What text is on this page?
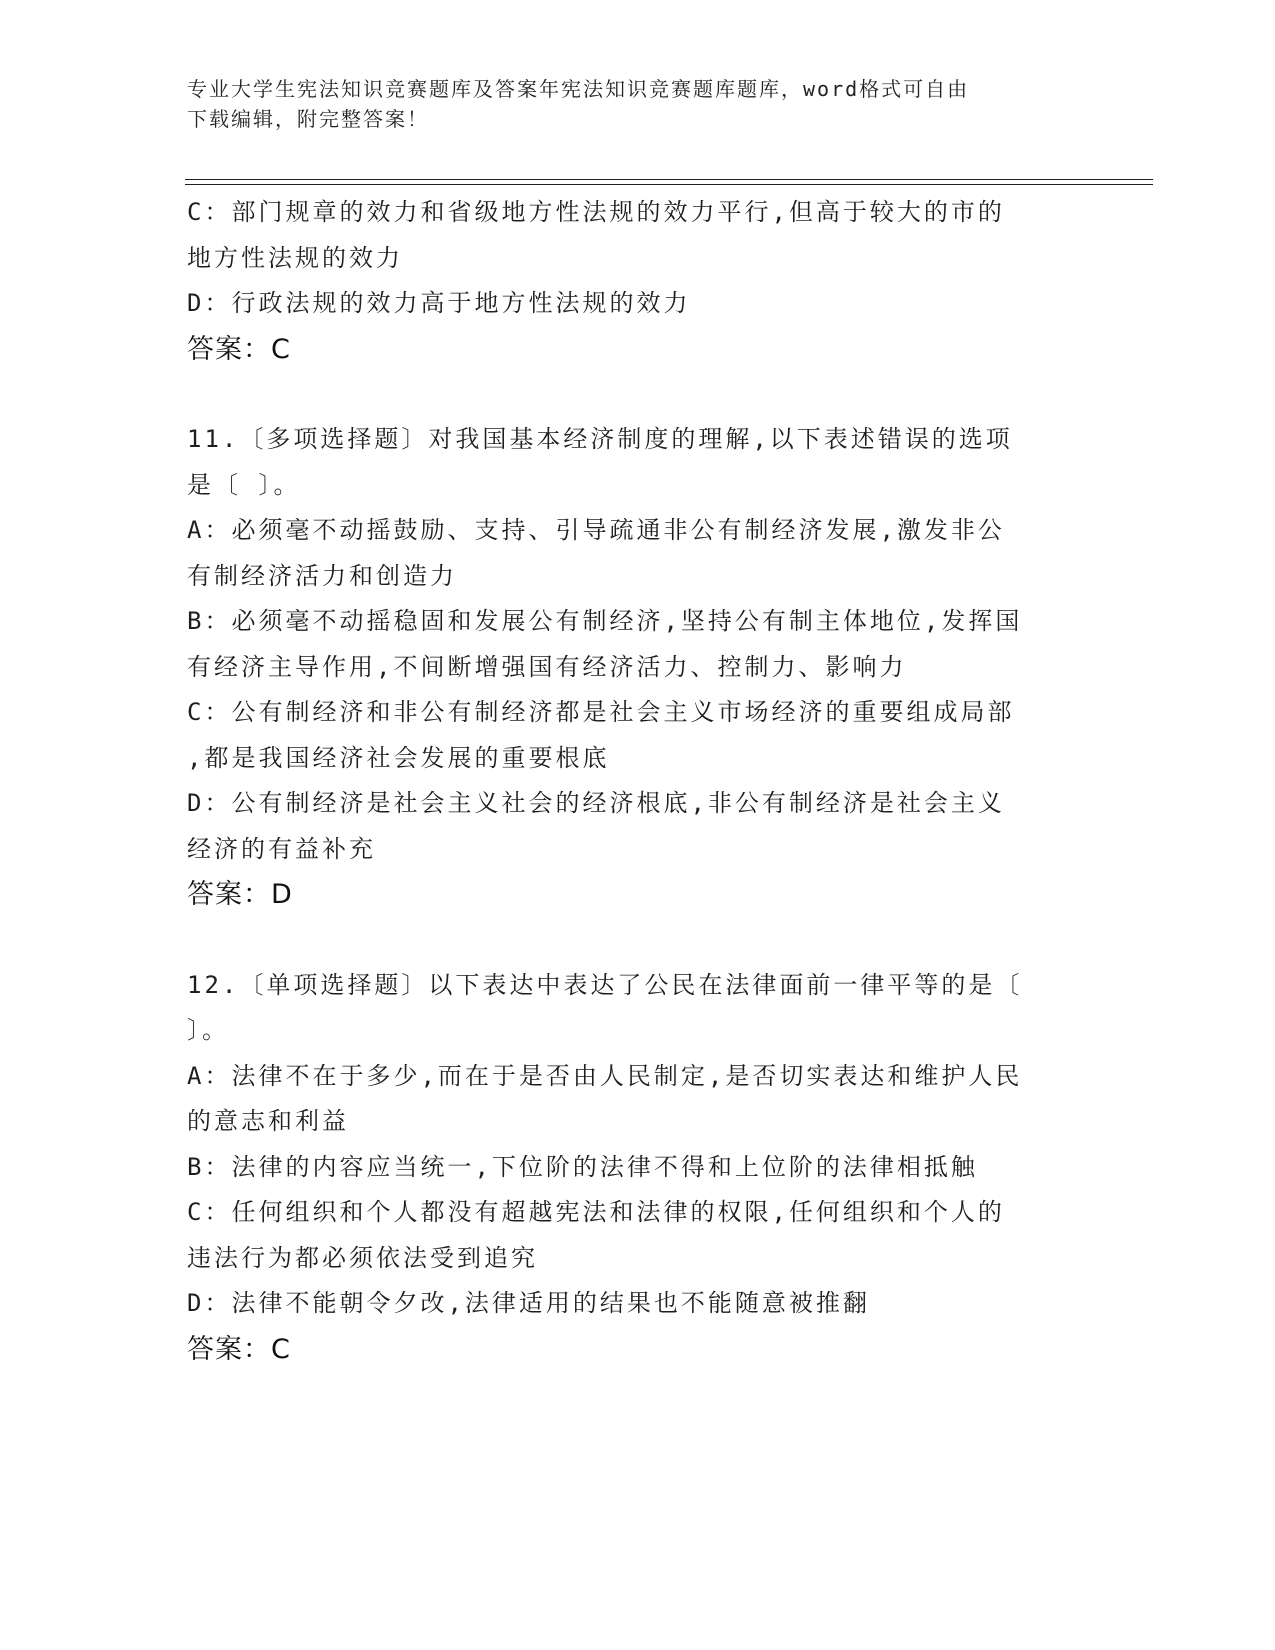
专业大学生宪法知识竞赛题库及答案年宪法知识竞赛题库题库，word格式可自由
下载编辑，附完整答案！
C：部门规章的效力和省级地方性法规的效力平行,但高于较大的市的
地方性法规的效力
D：行政法规的效力高于地方性法规的效力
答案：C
11.〔多项选择题〕对我国基本经济制度的理解,以下表述错误的选项
是〔 〕。
A：必须毫不动摇鼓励、支持、引导疏通非公有制经济发展,激发非公
有制经济活力和创造力
B：必须毫不动摇稳固和发展公有制经济,坚持公有制主体地位,发挥国
有经济主导作用,不间断增强国有经济活力、控制力、影响力
C：公有制经济和非公有制经济都是社会主义市场经济的重要组成局部
,都是我国经济社会发展的重要根底
D：公有制经济是社会主义社会的经济根底,非公有制经济是社会主义
经济的有益补充
答案：D
12.〔单项选择题〕以下表达中表达了公民在法律面前一律平等的是〔
〕。
A：法律不在于多少,而在于是否由人民制定,是否切实表达和维护人民
的意志和利益
B：法律的内容应当统一,下位阶的法律不得和上位阶的法律相抵触
C：任何组织和个人都没有超越宪法和法律的权限,任何组织和个人的
违法行为都必须依法受到追究
D：法律不能朝令夕改,法律适用的结果也不能随意被推翻
答案：C
